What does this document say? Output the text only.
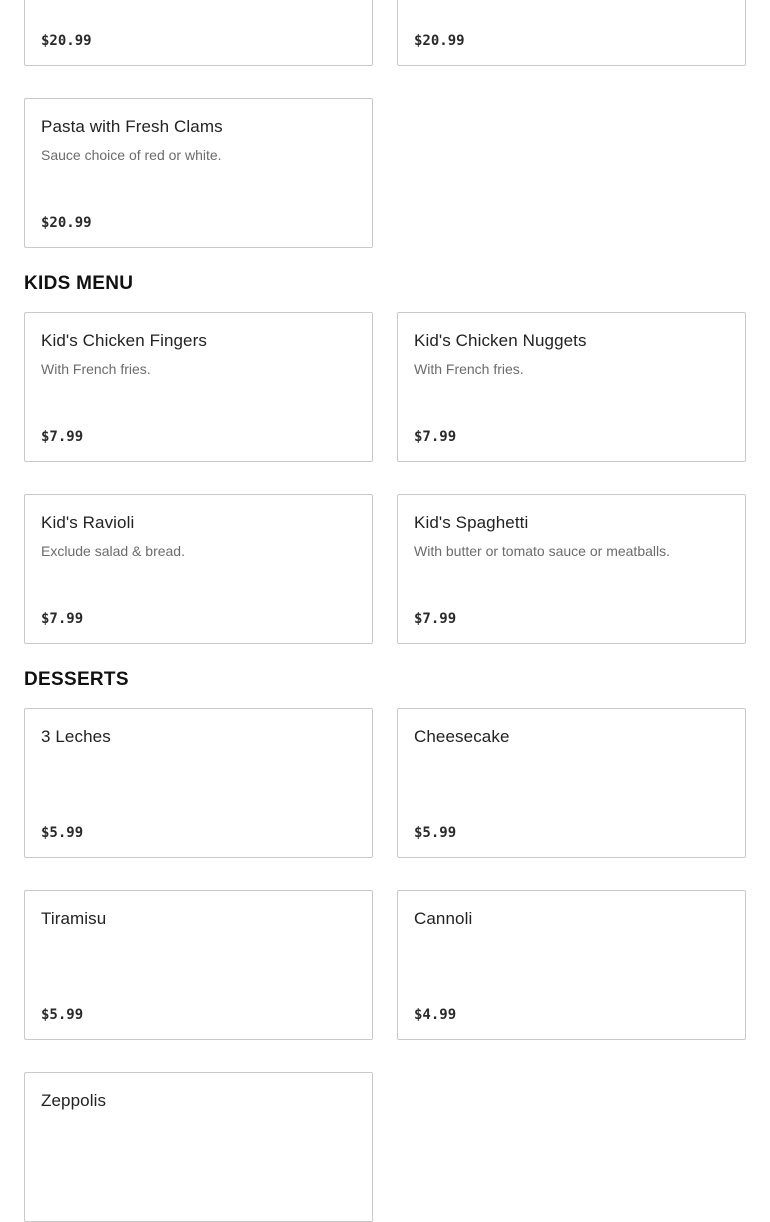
$20.99	$20.99
Pasta with Fresh Clams
Sauce choice of red or white.
$20.99
KIDS MENU
Kid's Chicken Fingers
With French fries.
$7.99
Kid's Chicken Nuggets
With French fries.
$7.99
Kid's Ravioli
Exclude salad & bread.
$7.99
Kid's Spaghetti
With butter or tomato sauce or meatballs.
$7.99
DESSERTS
3 Leches
$5.99
Cheesecake
$5.99
Tiramisu
$5.99
Cannoli
$4.99
Zeppolis
